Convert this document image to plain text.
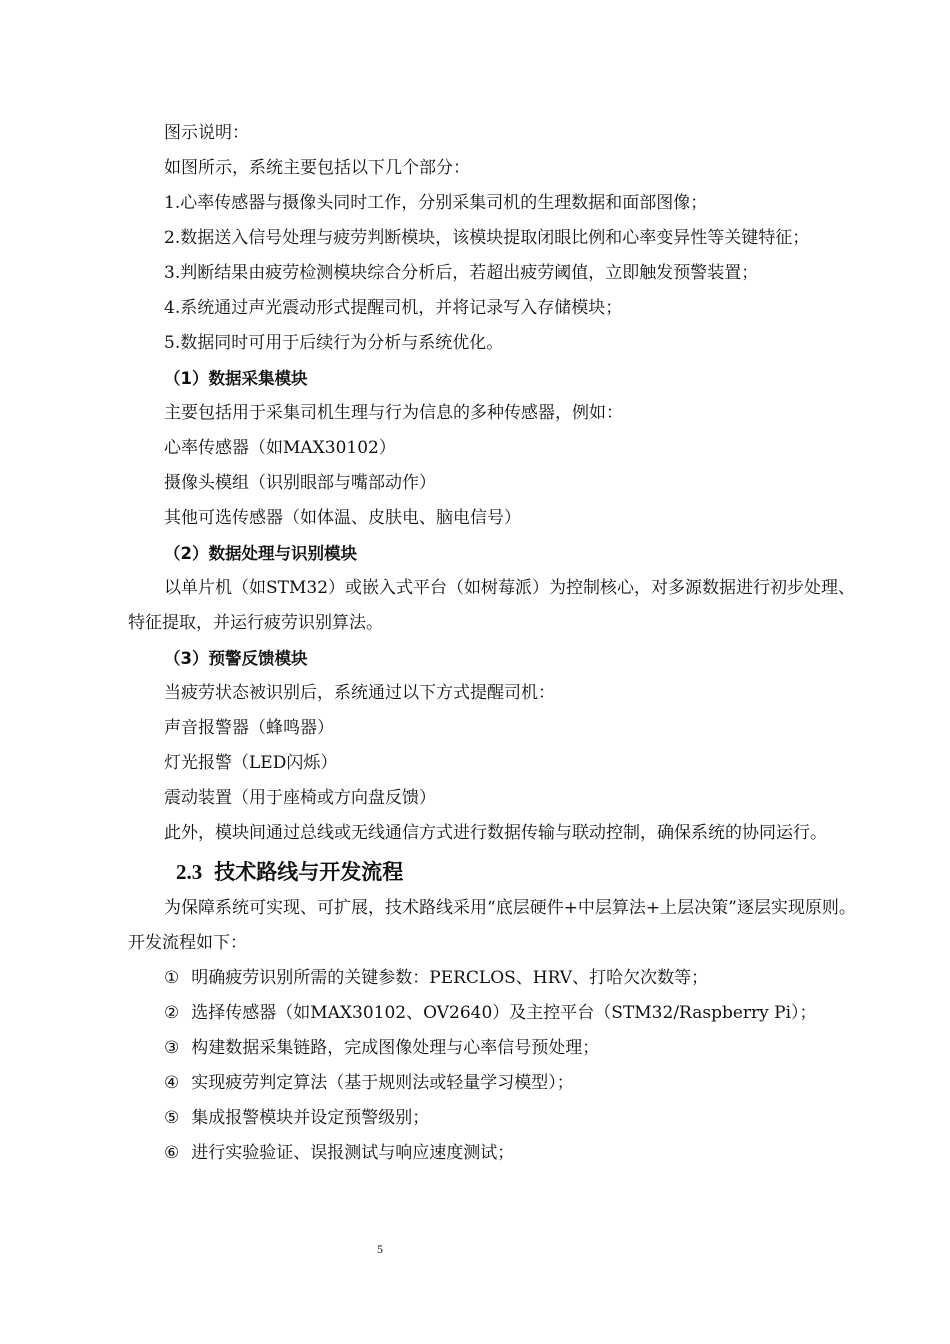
图示说明：

如图所示，系统主要包括以下几个部分：

1.心率传感器与摄像头同时工作，分别采集司机的生理数据和面部图像；

2.数据送入信号处理与疲劳判断模块，该模块提取闭眼比例和心率变异性等关键特征；

3.判断结果由疲劳检测模块综合分析后，若超出疲劳阈值，立即触发预警装置；

4.系统通过声光震动形式提醒司机，并将记录写入存储模块；

5.数据同时可用于后续行为分析与系统优化。

（1）数据采集模块

主要包括用于采集司机生理与行为信息的多种传感器，例如：

心率传感器（如MAX30102）

摄像头模组（识别眼部与嘴部动作）

其他可选传感器（如体温、皮肤电、脑电信号）

（2）数据处理与识别模块

以单片机（如STM32）或嵌入式平台（如树莓派）为控制核心，对多源数据进行初步处理、特征提取，并运行疲劳识别算法。

（3）预警反馈模块

当疲劳状态被识别后，系统通过以下方式提醒司机：

声音报警器（蜂鸣器）

灯光报警（LED闪烁）

震动装置（用于座椅或方向盘反馈）

此外，模块间通过总线或无线通信方式进行数据传输与联动控制，确保系统的协同运行。

2.3 技术路线与开发流程

为保障系统可实现、可扩展，技术路线采用“底层硬件+中层算法+上层决策”逐层实现原则。开发流程如下：

① 明确疲劳识别所需的关键参数：PERCLOS、HRV、打哈欠次数等；

② 选择传感器（如MAX30102、OV2640）及主控平台（STM32/Raspberry Pi）；

③ 构建数据采集链路，完成图像处理与心率信号预处理；

④ 实现疲劳判定算法（基于规则法或轻量学习模型）；

⑤ 集成报警模块并设定预警级别；

⑥ 进行实验验证、误报测试与响应速度测试；

5
